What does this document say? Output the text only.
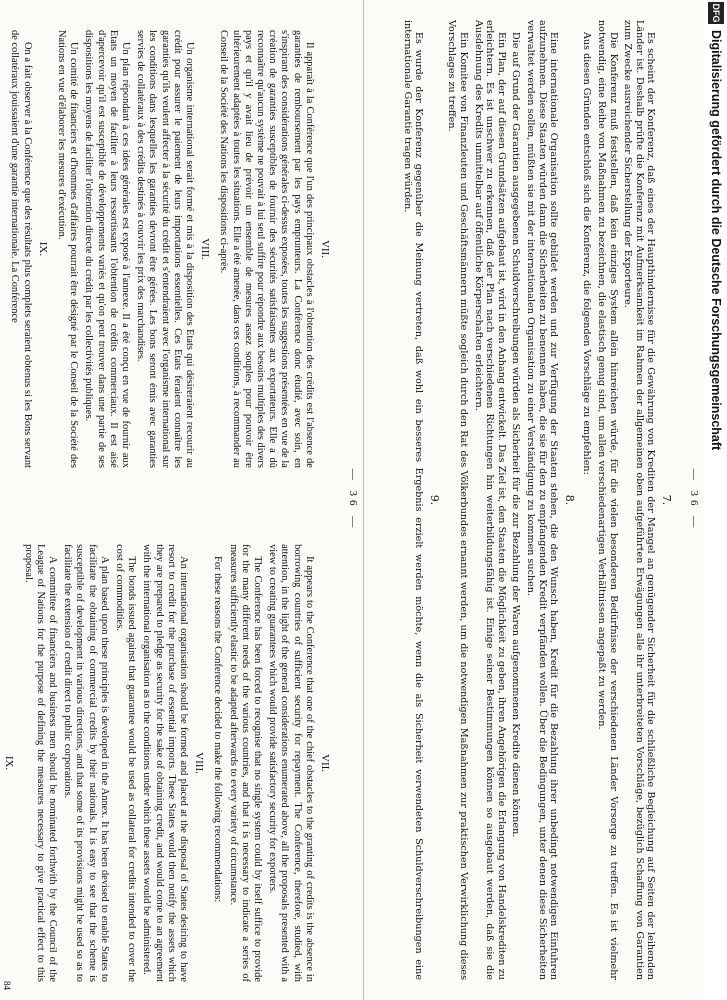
— 36 —
VII.

Il apparaît à la Conférence que l'un des principaux obstacles à l'obtention des crédits est l'absence de garanties de remboursement par les pays emprunteurs. La Conférence donc étudié, avec soin, en s'inspirant des considérations générales ci-dessus exposées, toutes les suggestions présentées en vue de la création de garanties susceptibles de fournir des sécurités satisfaisantes aux exportateurs. Elle a dû reconnaître qu'aucun système ne pouvait à lui seul suffire pour répondre aux besoins multiples des divers pays et qu'il y avait lieu de prévoir un ensemble de mesures assez souples pour pouvoir être ultérieurement adaptées à toutes les situations. Elle a été amenée, dans ces conditions, à recommander au Conseil de la Société des Nations les dispositions ci-après.

VIII.

Un organisme international serait formé et mis à la disposition des Etats qui désireraient recourir au crédit pour assurer le paiement de leurs importations essentielles. Ces Etats feraient connaître les garanties qu'ils veulent affecter à la sécurité du crédit et s'entendraient avec l'organisme international sur les conditions dans lesquelles les garanties devront être gérées. Les bons seront émis avec garanties servies de collatéraux à des crédits destinés à couvrir les prix des marchandises.

Un plan répondant à ces idées générales est exposé à l'annexe. Il a été conçu en vue de fournir aux Etats un moyen de faciliter à leurs ressortissants l'obtention de crédits commerciaux. Il est aisé d'apercevoir qu'il est susceptible de développements variés et qu'on peut trouver dans une partie de ses dispositions les moyens de faciliter l'obtention directe du crédit par les collectivités publiques.

Un comité de financiers et d'hommes d'affaires pourrait être désigné par le Conseil de la Société des Nations en vue d'élaborer les mesures d'exécution.

IX.

On a fait observer à la Conférence que des résultats plus complets seraient obtenus si les Bons servant de collatéraux jouissaient d'une garantie internationale. La Conférence

VII.

It appears to the Conference that one of the chief obstacles to the granting of credits is the absence in borrowing countries of sufficient security for repayment. The Conference, therefore, studied, with attention, in the light of the general considerations enumerated above, all the proposals presented with a view to creating guarantees which would provide satisfactory security for exporters.

The Conference has been forced to recognise that no single system could by itself suffice to provide for the many different needs of the various countries, and that it is necessary to indicate a series of measures sufficiently elastic to be adapted afterwards to every variety of circumstance.

For these reasons the Conference decided to make the following recommendations:

VIII.

An international organisation should be formed and placed at the disposal of States desiring to have resort to credit for the purchase of essential imports. These States would then notify the assets which they are prepared to pledge as security for the sake of obtaining credit, and would come to an agreement with the international organisation as to the conditions under which these assets would be administered.

The bonds issued against that guarantee would be used as collateral for credits intended to cover the cost of commodities.

A plan based upon these principles is developed in the Annex. It has been devised to enable States to facilitate the obtaining of commercial credits by their nationals. It is easy to see that the scheme is susceptible of development in various directions, and that some of its provisions might be used so as to facilitate the extension of credit direct to public corporations.

A committee of financiers and business men should be nominated forthwith by the Council of the League of Nations for the purpose of defining the measures necessary to give practical effect to this proposal.

IX.

84
— 36 —
7.

Es scheint der Konferenz, daß eines der Haupthindernisse für die Gewährung von Krediten der Mangel an genügender Sicherheit für die schließliche Begleichung auf Seiten der leihenden Länder ist. Deshalb prüfte die Konferenz mit Aufmerksamkeit im Rahmen der allgemeinen oben aufgeführten Erwägungen alle ihr unterbreiteten Vorschläge, bezüglich Schaffung von Garantien zum Zwecke ausreichender Sicherstellung der Exporteure.

Die Konferenz muß feststellen, daß kein einziges System allein hinreichen würde, für die vielen besonderen Bedürfnisse der verschiedenen Länder Vorsorge zu treffen. Es ist vielmehr notwendig, eine Reihe von Maßnahmen zu bezeichnen, die elastisch genug sind, um allen verschiedenartigen Verhältnissen angepaßt zu werden.

Aus diesen Gründen entschloß sich die Konferenz, die folgenden Vorschläge zu empfehlen:

8.

Eine internationale Organisation sollte gebildet werden und zur Verfügung der Staaten stehen, die den Wunsch haben, Kredit für die Bezahlung ihrer unbedingt notwendigen Einfuhren aufzunehmen. Diese Staaten würden dann die Sicherheiten zu benennen haben, die sie für den zu empfangenden Kredit verpfänden wollen. Über die Bedingungen, unter denen diese Sicherheiten verwaltet werden sollen, müßten sie mit der internationalen Organisation zu einer Verständigung zu kommen suchen.

Die auf Grund der Garantien ausgegebenen Schuldverschreibungen würden als Sicherheit für die zur Bezahlung der Waren aufgenommenen Kredite dienen können.

Ein Plan, der auf diesen Grundsätzen aufgebaut ist, wird in den Anhang entwickelt. Das Ziel ist, den Staaten die Möglichkeit zu geben, ihren Angehörigen die Erlangung von Handelskrediten zu erleichtern. Es ist unschwer zu erkennen, daß der Plan nach verschiedenen Richtungen hin weiterbildungsfähig ist. Einige seiner Bestimmungen können so ausgebaut werden, daß sie die Ausdehnung des Kredits unmittelbar auf öffentliche Körperschaften erleichtern.

Ein Komitee von Finanzleuten und Geschäftsmännern müßte sogleich durch den Rat des Völkerbundes ernannt werden, um die notwendigen Maßnahmen zur praktischen Verwirklichung dieses Vorschlages zu treffen.

9.

Es wurde der Konferenz gegenüber die Meinung vertreten, daß wohl ein besseres Ergebnis erzielt werden möchte, wenn die als Sicherheit verwendeten Schuldverschreibungen eine internationale Garantie tragen würden.

DFG
Digitalisierung gefördert durch die Deutsche Forschungsgemeinschaft
